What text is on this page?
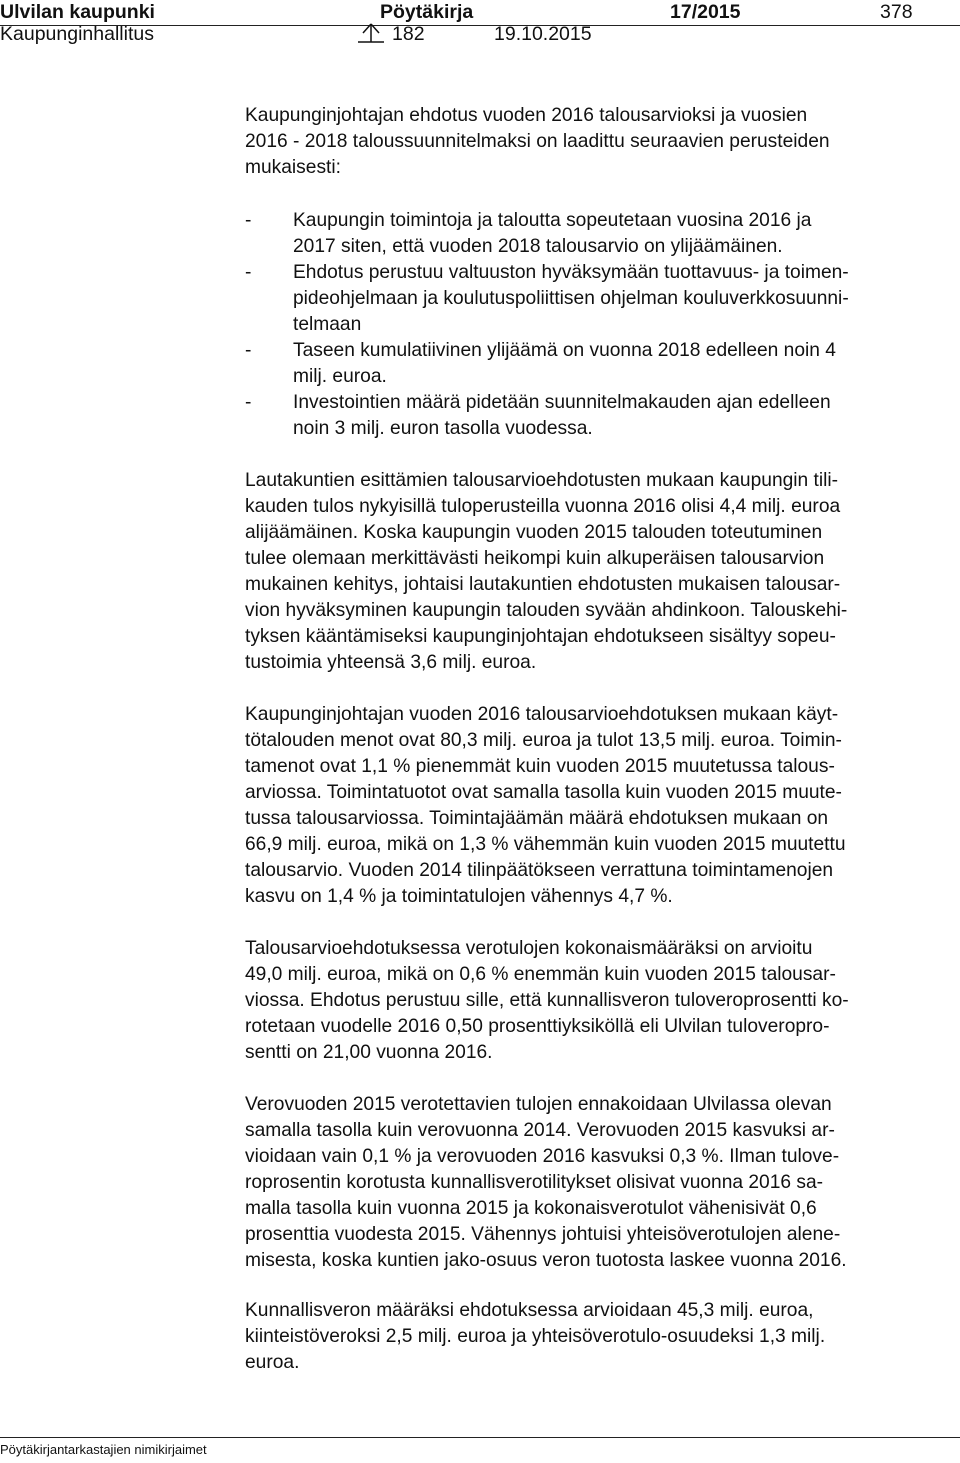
Ulvilan kaupunki	Pöytäkirja	17/2015	378
Kaupunginhallitus	182	19.10.2015
Kaupunginjohtajan ehdotus vuoden 2016 talousarvioksi ja vuosien
2016 - 2018 taloussuunnitelmaksi on laadittu seuraavien perusteiden
mukaisesti:
- Kaupungin toimintoja ja taloutta sopeutetaan vuosina 2016 ja
2017 siten, että vuoden 2018 talousarvio on ylijäämäinen.
- Ehdotus perustuu valtuuston hyväksymään tuottavuus- ja toimen-
pideohjelmaan ja koulutuspoliittisen ohjelman kouluverkkosuunni-
telmaan
- Taseen kumulatiivinen ylijäämä on vuonna 2018 edelleen noin 4
milj. euroa.
- Investointien määrä pidetään suunnitelmakauden ajan edelleen
noin 3 milj. euron tasolla vuodessa.
Lautakuntien esittämien talousarvioehdotusten mukaan kaupungin tili-
kauden tulos nykyisillä tuloperusteilla vuonna 2016 olisi 4,4 milj. euroa
alijäämäinen. Koska kaupungin vuoden 2015 talouden toteutuminen
tulee olemaan merkittävästi heikompi kuin alkuperäisen talousarvion
mukainen kehitys, johtaisi lautakuntien ehdotusten mukaisen talousar-
vion hyväksyminen kaupungin talouden syvään ahdinkoon. Talouskehi-
tyksen kääntämiseksi kaupunginjohtajan ehdotukseen sisältyy sopeu-
tustoimia yhteensä 3,6 milj. euroa.
Kaupunginjohtajan vuoden 2016 talousarvioehdotuksen mukaan käyt-
tötalouden menot ovat 80,3 milj. euroa ja tulot 13,5 milj. euroa. Toimin-
tamenot ovat 1,1 % pienemmät kuin vuoden 2015 muutetussa talous-
arviossa. Toimintatuotot ovat samalla tasolla kuin vuoden 2015 muute-
tussa talousarviossa. Toimintajäämän määrä ehdotuksen mukaan on
66,9 milj. euroa, mikä on 1,3 % vähemmän kuin vuoden 2015 muutettu
talousarvio. Vuoden 2014 tilinpäätökseen verrattuna toimintamenojen
kasvu on 1,4 % ja toimintatulojen vähennys 4,7 %.
Talousarvioehdotuksessa verotulojen kokonaismääräksi on arvioitu
49,0 milj. euroa, mikä on 0,6 % enemmän kuin vuoden 2015 talousar-
viossa. Ehdotus perustuu sille, että kunnallisveron tuloveroprosentti ko-
rotetaan vuodelle 2016 0,50 prosenttiyksiköllä eli Ulvilan tuloveropro-
sentti on 21,00 vuonna 2016.
Verovuoden 2015 verotettavien tulojen ennakoidaan Ulvilassa olevan
samalla tasolla kuin verovuonna 2014. Verovuoden 2015 kasvuksi ar-
vioidaan vain 0,1 % ja verovuoden 2016 kasvuksi 0,3 %. Ilman tulove-
roprosentin korotusta kunnallisverotilitykset olisivat vuonna 2016 sa-
malla tasolla kuin vuonna 2015 ja kokonaisverotulot vähenisivät 0,6
prosenttia vuodesta 2015. Vähennys johtuisi yhteisöverotulojen alene-
misesta, koska kuntien jako-osuus veron tuotosta laskee vuonna 2016.
Kunnallisveron määräksi ehdotuksessa arvioidaan 45,3 milj. euroa,
kiinteistöveroksi 2,5 milj. euroa ja yhteisöverotulo-osuudeksi 1,3 milj.
euroa.
Pöytäkirjantarkastajien nimikirjaimet
